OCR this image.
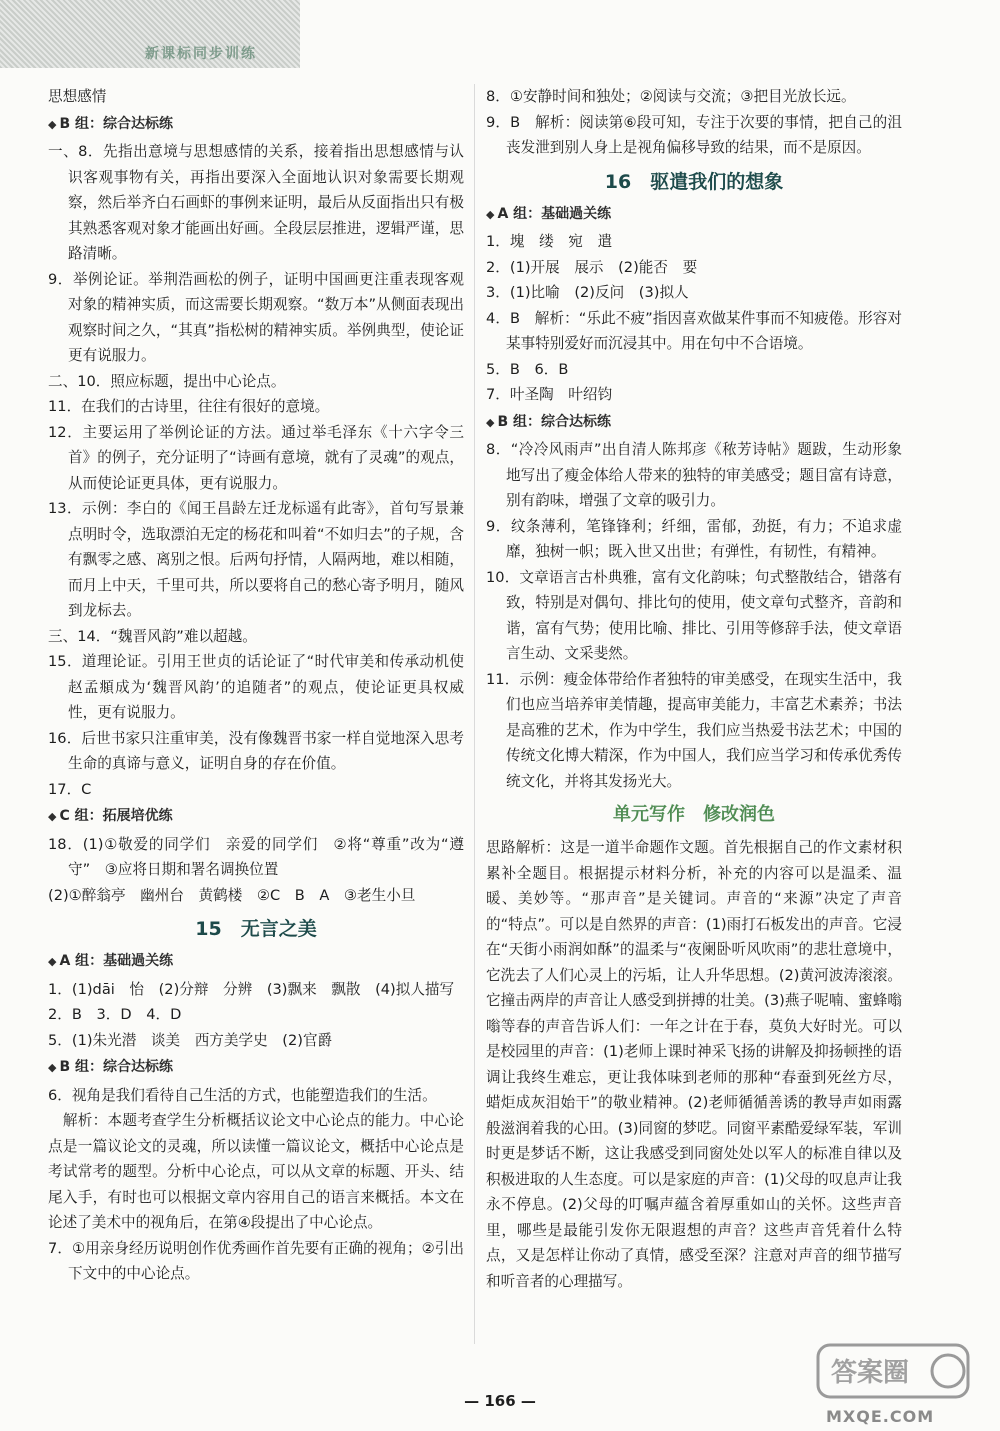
新课标同步训练

思想感情

◆ B 组：综合达标练

一、8．先指出意境与思想感情的关系，接着指出思想感情与认识客观事物有关，再指出要深入全面地认识对象需要长期观察，然后举齐白石画虾的事例来证明，最后从反面指出只有极其熟悉客观对象才能画出好画。全段层层推进，逻辑严谨，思路清晰。

9．举例论证。举荆浩画松的例子，证明中国画更注重表现客观对象的精神实质，而这需要长期观察。“数万本”从侧面表现出观察时间之久，“其真”指松树的精神实质。举例典型，使论证更有说服力。

二、10．照应标题，提出中心论点。

11．在我们的古诗里，往往有很好的意境。

12．主要运用了举例论证的方法。通过举毛泽东《十六字令三首》的例子，充分证明了“诗画有意境，就有了灵魂”的观点，从而使论证更具体，更有说服力。

13．示例：李白的《闻王昌龄左迁龙标遥有此寄》，首句写景兼点明时令，选取漂泊无定的杨花和叫着“不如归去”的子规，含有飘零之感、离别之恨。后两句抒情，人隔两地，难以相随，而月上中天，千里可共，所以要将自己的愁心寄予明月，随风到龙标去。

三、14．“魏晋风韵”难以超越。

15．道理论证。引用王世贞的话论证了“时代审美和传承动机使赵孟頫成为‘魏晋风韵’的追随者”的观点，使论证更具权威性，更有说服力。

16．后世书家只注重审美，没有像魏晋书家一样自觉地深入思考生命的真谛与意义，证明自身的存在价值。

17．C

◆ C 组：拓展培优练

18．(1)①敬爱的同学们　亲爱的同学们　②将“尊重”改为“遵守”　③应将日期和署名调换位置

(2)①醉翁亭　幽州台　黄鹤楼　②C　B　A　③老生小旦

15　无言之美
◆ A 组：基础過关练

1．(1)dāi　怡　(2)分辩　分辨　(3)飘来　飘散　(4)拟人描写

2．B　3．D　4．D

5．(1)朱光潜　谈美　西方美学史　(2)官爵

◆ B 组：综合达标练

6．视角是我们看待自己生活的方式，也能塑造我们的生活。

　解析：本题考查学生分析概括议论文中心论点的能力。中心论点是一篇议论文的灵魂，所以读懂一篇议论文，概括中心论点是考试常考的题型。分析中心论点，可以从文章的标题、开头、结尾入手，有时也可以根据文章内容用自己的语言来概括。本文在论述了美术中的视角后，在第④段提出了中心论点。

7．①用亲身经历说明创作优秀画作首先要有正确的视角；②引出下文中的中心论点。

8．①安静时间和独处；②阅读与交流；③把目光放长远。

9．B　解析：阅读第⑥段可知，专注于次要的事情，把自己的沮丧发泄到别人身上是视角偏移导致的结果，而不是原因。

16　驱遣我们的想象
◆ A 组：基础過关练

1．塊　缕　宛　遣

2．(1)开展　展示　(2)能否　要

3．(1)比喻　(2)反问　(3)拟人

4．B　解析：“乐此不疲”指因喜欢做某件事而不知疲倦。形容对某事特别爱好而沉浸其中。用在句中不合语境。

5．B　6．B

7．叶圣陶　叶绍钧

◆ B 组：综合达标练

8．“冷冷风雨声”出自清人陈邦彦《秾芳诗帖》题跋，生动形象地写出了瘦金体给人带来的独特的审美感受；题目富有诗意，别有韵味，增强了文章的吸引力。

9．纹条薄利，笔锋锋利；纤细，雷郁，劲挺，有力；不追求虚靡，独树一帜；既入世又出世；有弹性，有韧性，有精神。

10．文章语言古朴典雅，富有文化韵味；句式整散结合，错落有致，特别是对偶句、排比句的使用，使文章句式整齐，音韵和谐，富有气势；使用比喻、排比、引用等修辞手法，使文章语言生动、文采斐然。

11．示例：瘦金体带给作者独特的审美感受，在现实生活中，我们也应当培养审美情趣，提高审美能力，丰富艺术素养；书法是高雅的艺术，作为中学生，我们应当热爱书法艺术；中国的传统文化博大精深，作为中国人，我们应当学习和传承优秀传统文化，并将其发扬光大。

单元写作　修改润色

思路解析：这是一道半命题作文题。首先根据自己的作文素材积累补全题目。根据提示材料分析，补充的内容可以是温柔、温暖、美妙等。“那声音”是关键词。声音的“来源”决定了声音的“特点”。可以是自然界的声音：(1)雨打石板发出的声音。它浸在“天街小雨润如酥”的温柔与“夜阑卧听风吹雨”的悲壮意境中，它洗去了人们心灵上的污垢，让人升华思想。(2)黄河波涛滚滚。它撞击两岸的声音让人感受到拼搏的壮美。(3)燕子呢喃、蜜蜂嗡嗡等春的声音告诉人们：一年之计在于春，莫负大好时光。可以是校园里的声音：(1)老师上课时神采飞扬的讲解及抑扬顿挫的语调让我终生难忘，更让我体味到老师的那种“春蚕到死丝方尽，蜡炬成灰泪始干”的敬业精神。(2)老师循循善诱的教导声如雨露般滋润着我的心田。(3)同窗的梦呓。同窗平素酷爱绿军装，军训时更是梦话不断，这让我感受到同窗处处以军人的标准自律以及积极进取的人生态度。可以是家庭的声音：(1)父母的叹息声让我永不停息。(2)父母的叮嘱声蕴含着厚重如山的关怀。这些声音里，哪些是最能引发你无限遐想的声音？这些声音凭着什么特点，又是怎样让你动了真情，感受至深？注意对声音的细节描写和听音者的心理描写。

— 166 —
答案圈
MXQE.COM
